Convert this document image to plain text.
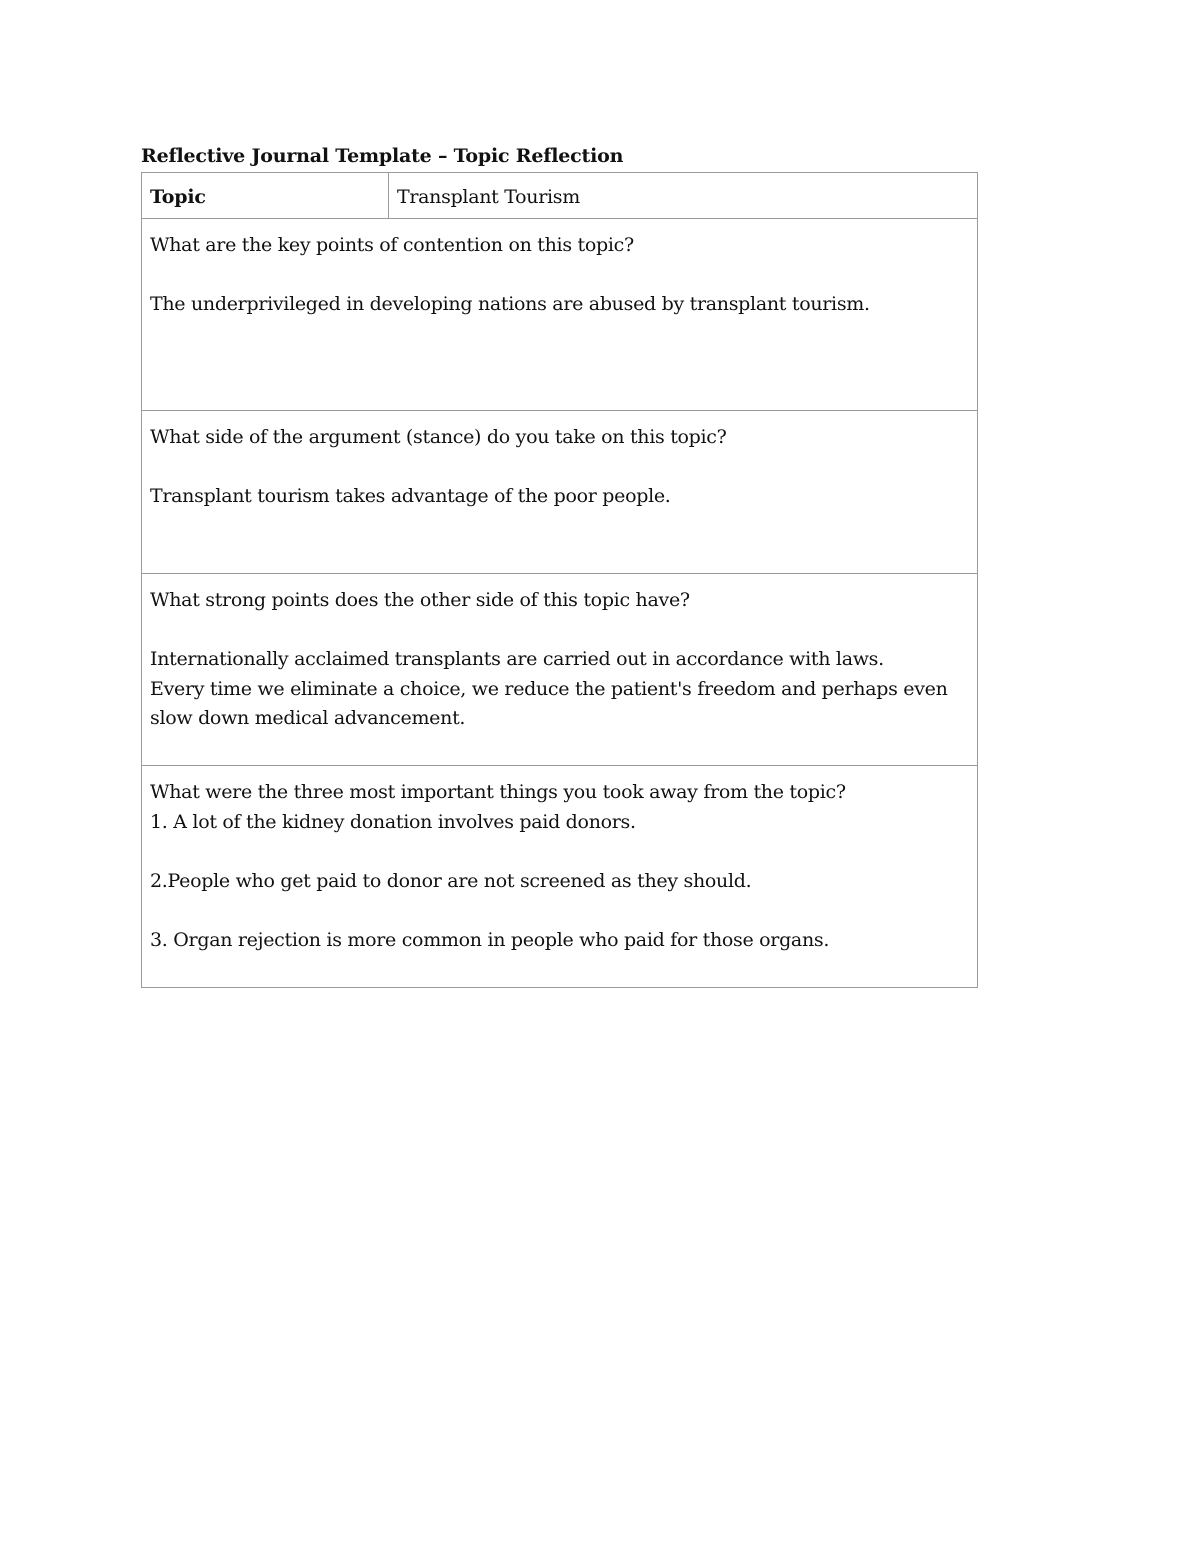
Reflective Journal Template – Topic Reflection
Topic	Transplant Tourism
What are the key points of contention on this topic?
The underprivileged in developing nations are abused by transplant tourism.
What side of the argument (stance) do you take on this topic?
Transplant tourism takes advantage of the poor people.
What strong points does the other side of this topic have?
Internationally acclaimed transplants are carried out in accordance with laws.
Every time we eliminate a choice, we reduce the patient's freedom and perhaps even
slow down medical advancement.
What were the three most important things you took away from the topic?
1. A lot of the kidney donation involves paid donors.
2.People who get paid to donor are not screened as they should.
3. Organ rejection is more common in people who paid for those organs.
